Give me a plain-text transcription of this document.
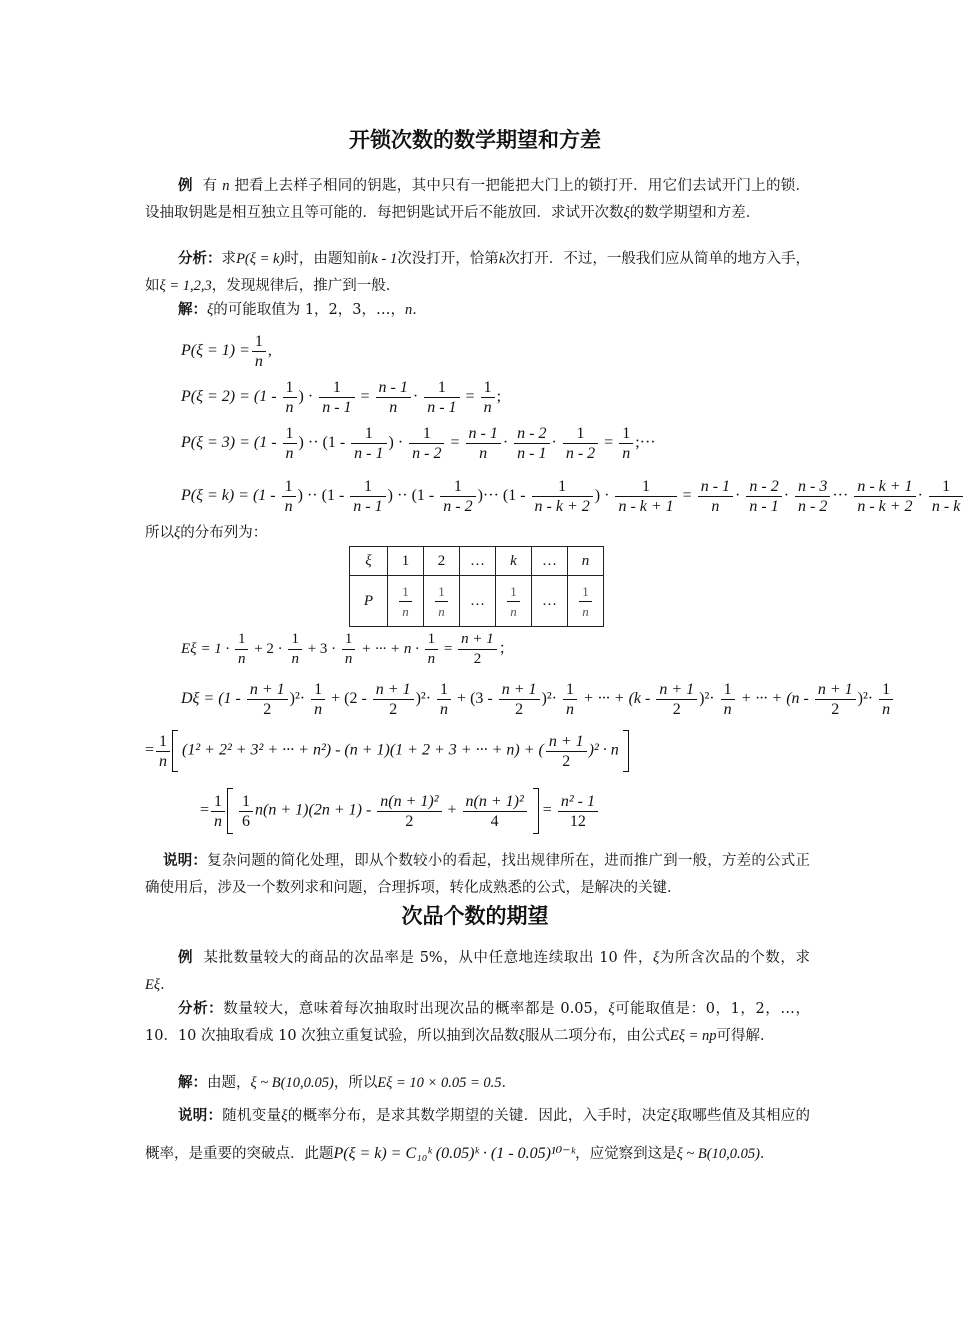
开锁次数的数学期望和方差

例 有 n 把看上去样子相同的钥匙，其中只有一把能把大门上的锁打开．用它们去试开门上的锁．设抽取钥匙是相互独立且等可能的．每把钥匙试开后不能放回．求试开次数ξ的数学期望和方差．

分析：求P(ξ = k)时，由题知前k - 1次没打开，恰第k次打开．不过，一般我们应从简单的地方入手，如ξ = 1,2,3，发现规律后，推广到一般．

解：ξ的可能取值为 1，2，3，…，n．

$P(\xi = 1) = \frac{1}{n}$ ,
$P(\xi = 2) = (1 - \frac{1}{n}$ ) · $\frac{1}{n - 1} = \frac{n - 1}{n} \cdot \frac{1}{n - 1} = \frac{1}{n}$ ;
$P(\xi = 3) = (1 - \frac{1}{n}$ ) ·· ($1 - \frac{1}{n - 1}$ ) · $\frac{1}{n - 2} = \frac{n - 1}{n} \cdot \frac{n - 2}{n - 1} \cdot \frac{1}{n - 2} = \frac{1}{n}$ ;···
$P(\xi = k) = (1 - \frac{1}{n}$ ) ·· ($1 - \frac{1}{n - 1}$ ) ·· ($1 - \frac{1}{n - 2}$ )··· ($1 - \frac{1}{n - k + 2}$ ) · $\frac{1}{n - k + 1} = \frac{n - 1}{n} \cdot \frac{n - 2}{n - 1} \cdot \frac{n - 3}{n - 2}$ ··· $\frac{n - k + 1}{n - k + 2} \cdot \frac{1}{n - k}$

所以ξ的分布列为：

ξ	1	2	…	k	…	n
P	$\frac{1}{n}$	$\frac{1}{n}$	…	$\frac{1}{n}$	…	$\frac{1}{n}$
$E\xi = 1 \cdot \frac{1}{n} + 2 \cdot \frac{1}{n} + 3 \cdot \frac{1}{n}$ + ··· + $n \cdot \frac{1}{n} = \frac{n + 1}{2}$ ；
$D\xi = (1 - \frac{n + 1}{2} )^2\cdot \frac{1}{n} + (2 - \frac{n + 1}{2} )^2\cdot \frac{1}{n} + (3 - \frac{n + 1}{2} )^2\cdot \frac{1}{n}$ + ··· + $(k - \frac{n + 1}{2} )^2\cdot \frac{1}{n}$ + ··· + $(n - \frac{n + 1}{2} )^2\cdot \frac{1}{n}$
= $\frac{1}{n} (1^2 + 2^2 + 3^2$ + ··· + n²) - (n + 1)(1 + 2 + 3 + ··· + n) + ( $\frac{n + 1}{2} )^2 \cdot n$
= $\frac{1}{n}$
$\frac{1}{6} n(n + 1)(2n + 1) - \frac{\text{n(n + 1)²}}{2} + \frac{\text{n(n + 1)²}}{4} = \frac{\text{n² - 1}}{12}$

说明：复杂问题的简化处理，即从个数较小的看起，找出规律所在，进而推广到一般，方差的公式正确使用后，涉及一个数列求和问题，合理拆项，转化成熟悉的公式，是解决的关键．

次品个数的期望

例 某批数量较大的商品的次品率是 5%，从中任意地连续取出 10 件，ξ为所含次品的个数，求Eξ．

分析：数量较大，意味着每次抽取时出现次品的概率都是 0.05，ξ可能取值是：0，1，2，…，10．10 次抽取看成 10 次独立重复试验，所以抽到次品数ξ服从二项分布，由公式Eξ = np可得解．

解：由题，ξ ~ B(10,0.05)，所以Eξ = 10 × 0.05 = 0.5．

说明：随机变量ξ的概率分布，是求其数学期望的关键．因此，入手时，决定ξ取哪些值及其相应的概率，是重要的突破点．此题P(ξ = k) = C₁₀ᵏ (0.05)ᵏ · (1 - 0.05)¹⁰⁻ᵏ，应觉察到这是ξ ~ B(10,0.05)．
